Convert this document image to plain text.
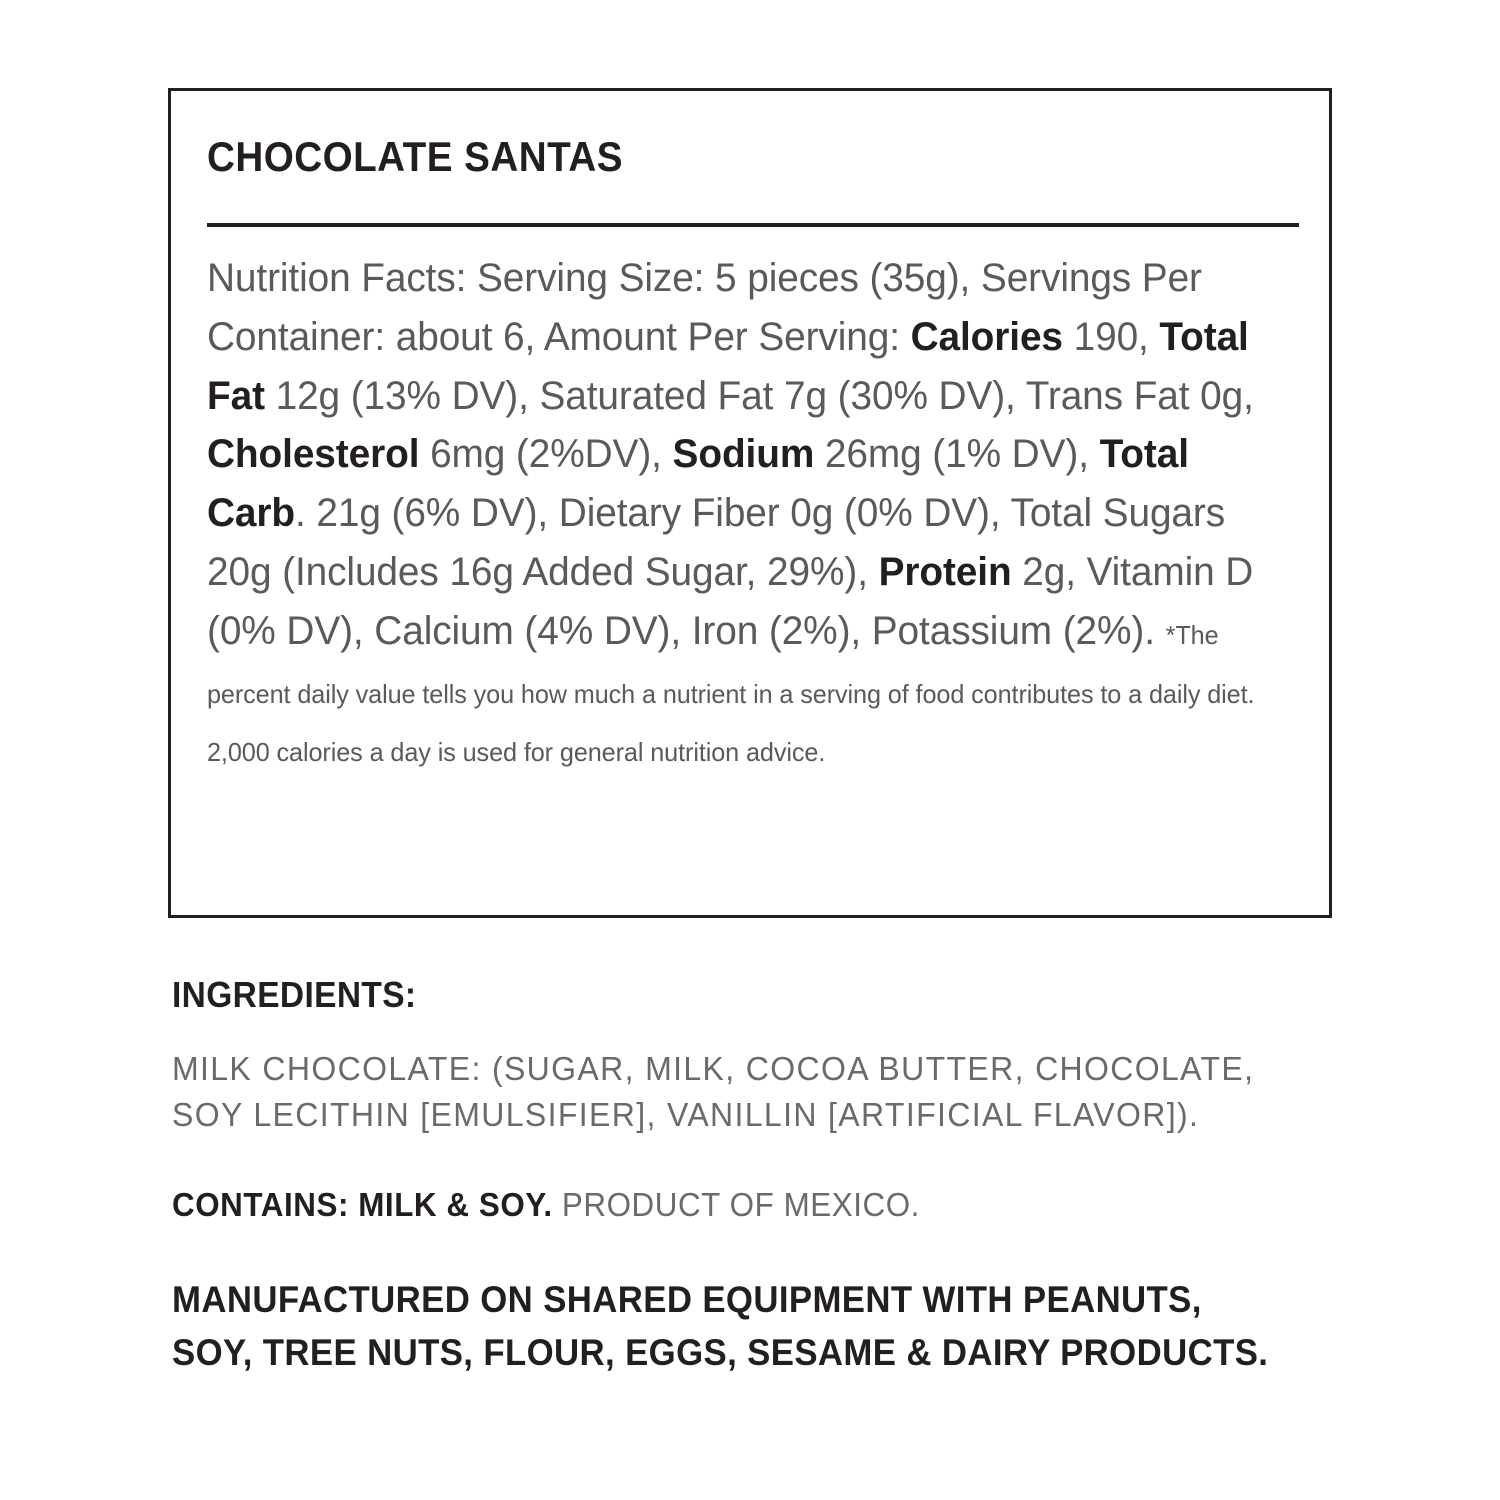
CHOCOLATE SANTAS
Nutrition Facts: Serving Size: 5 pieces (35g), Servings Per Container: about 6, Amount Per Serving: Calories 190, Total Fat 12g (13% DV), Saturated Fat 7g (30% DV), Trans Fat 0g, Cholesterol 6mg (2%DV), Sodium 26mg (1% DV), Total Carb. 21g (6% DV), Dietary Fiber 0g (0% DV), Total Sugars 20g (Includes 16g Added Sugar, 29%), Protein 2g, Vitamin D (0% DV), Calcium (4% DV), Iron (2%), Potassium (2%). *The percent daily value tells you how much a nutrient in a serving of food contributes to a daily diet. 2,000 calories a day is used for general nutrition advice.
INGREDIENTS:
MILK CHOCOLATE: (SUGAR, MILK, COCOA BUTTER, CHOCOLATE, SOY LECITHIN [EMULSIFIER], VANILLIN [ARTIFICIAL FLAVOR]).
CONTAINS: MILK & SOY. PRODUCT OF MEXICO.
MANUFACTURED ON SHARED EQUIPMENT WITH PEANUTS, SOY, TREE NUTS, FLOUR, EGGS, SESAME & DAIRY PRODUCTS.
